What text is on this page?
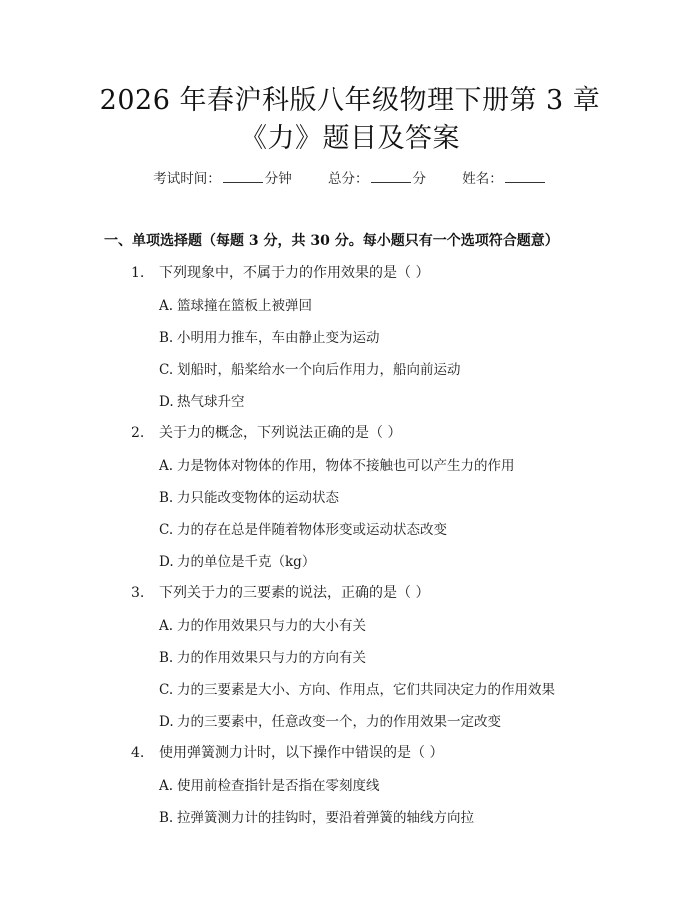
2026 年春沪科版八年级物理下册第 3 章
《力》题目及答案
考试时间：	分钟	总分：	分	姓名：
一、单项选择题（每题 3 分，共 30 分。每小题只有一个选项符合题意）
1. 下列现象中，不属于力的作用效果的是（ ）
A. 篮球撞在篮板上被弹回
B. 小明用力推车，车由静止变为运动
C. 划船时，船桨给水一个向后作用力，船向前运动
D. 热气球升空
2. 关于力的概念，下列说法正确的是（ ）
A. 力是物体对物体的作用，物体不接触也可以产生力的作用
B. 力只能改变物体的运动状态
C. 力的存在总是伴随着物体形变或运动状态改变
D. 力的单位是千克（kg）
3. 下列关于力的三要素的说法，正确的是（ ）
A. 力的作用效果只与力的大小有关
B. 力的作用效果只与力的方向有关
C. 力的三要素是大小、方向、作用点，它们共同决定力的作用效果
D. 力的三要素中，任意改变一个，力的作用效果一定改变
4. 使用弹簧测力计时，以下操作中错误的是（ ）
A. 使用前检查指针是否指在零刻度线
B. 拉弹簧测力计的挂钩时，要沿着弹簧的轴线方向拉
